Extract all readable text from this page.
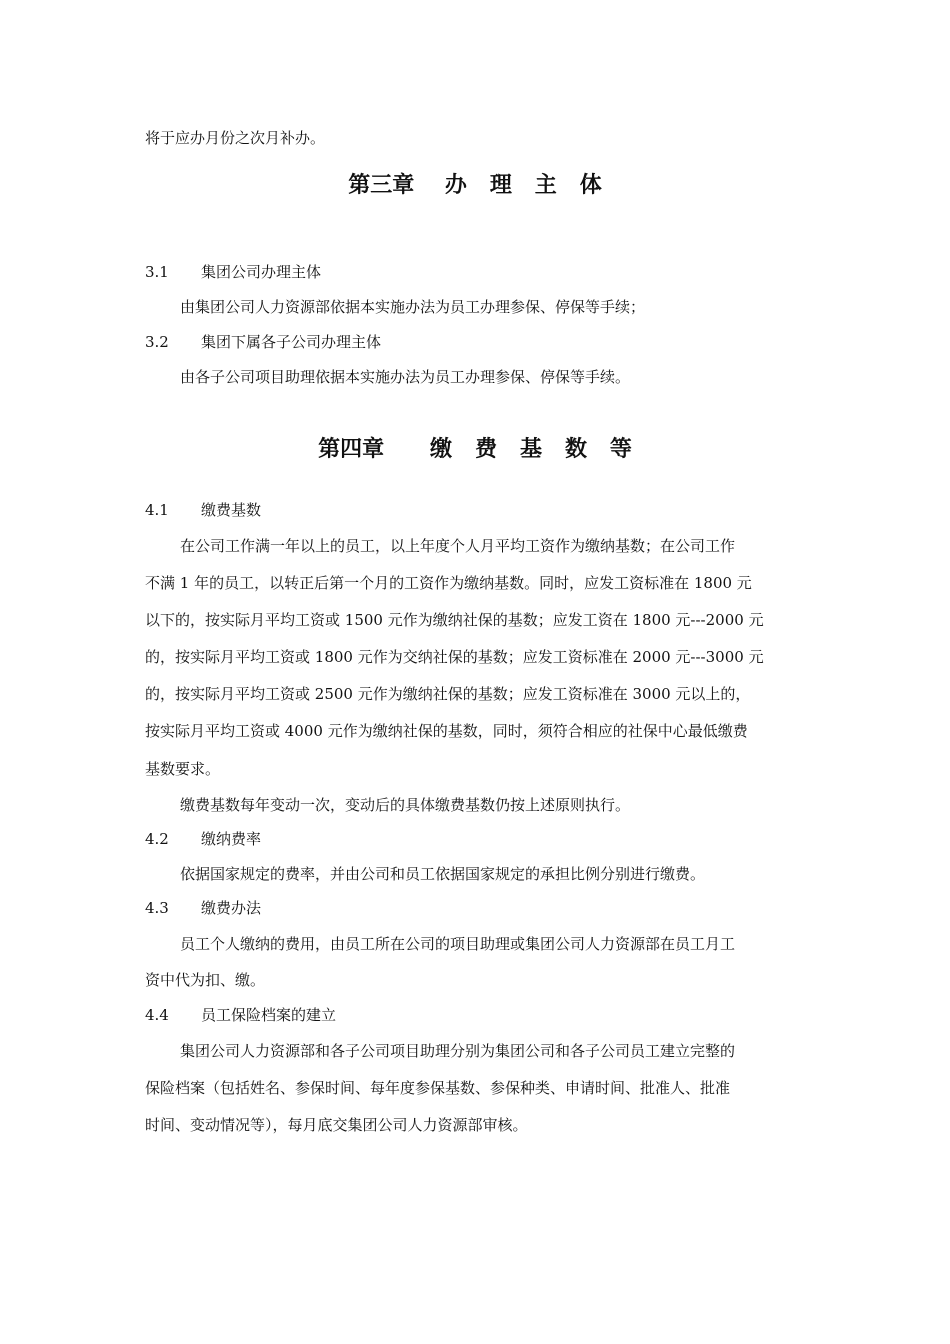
将于应办月份之次月补办。
第三章    办   理   主   体
3.1 集团公司办理主体
由集团公司人力资源部依据本实施办法为员工办理参保、停保等手续；
3.2 集团下属各子公司办理主体
由各子公司项目助理依据本实施办法为员工办理参保、停保等手续。
第四章      缴   费   基   数   等
4.1 缴费基数
在公司工作满一年以上的员工，以上年度个人月平均工资作为缴纳基数；在公司工作
不满 1 年的员工，以转正后第一个月的工资作为缴纳基数。同时，应发工资标准在 1800 元
以下的，按实际月平均工资或 1500 元作为缴纳社保的基数；应发工资在 1800 元---2000 元
的，按实际月平均工资或 1800 元作为交纳社保的基数；应发工资标准在 2000 元---3000 元
的，按实际月平均工资或 2500 元作为缴纳社保的基数；应发工资标准在 3000 元以上的，
按实际月平均工资或 4000 元作为缴纳社保的基数，同时，须符合相应的社保中心最低缴费
基数要求。
缴费基数每年变动一次，变动后的具体缴费基数仍按上述原则执行。
4.2 缴纳费率
依据国家规定的费率，并由公司和员工依据国家规定的承担比例分别进行缴费。
4.3 缴费办法
员工个人缴纳的费用，由员工所在公司的项目助理或集团公司人力资源部在员工月工
资中代为扣、缴。
4.4 员工保险档案的建立
集团公司人力资源部和各子公司项目助理分别为集团公司和各子公司员工建立完整的
保险档案（包括姓名、参保时间、每年度参保基数、参保种类、申请时间、批准人、批准
时间、变动情况等），每月底交集团公司人力资源部审核。
